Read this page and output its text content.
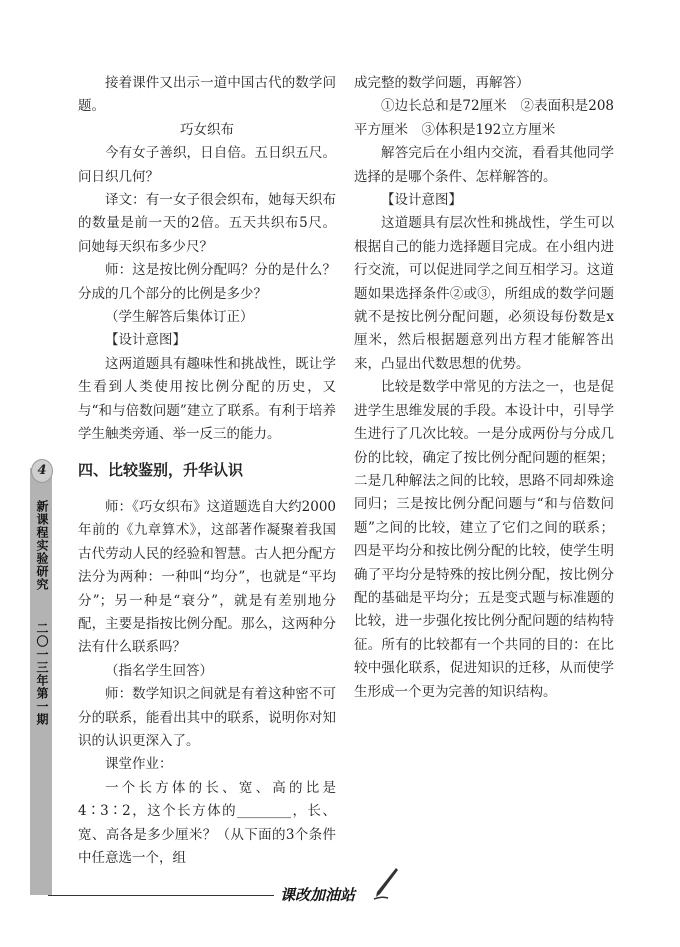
4
新课程实验研究
二〇一三年第一期

接着课件又出示一道中国古代的数学问题。

巧女织布

今有女子善织，日自倍。五日织五尺。问日织几何？

译文：有一女子很会织布，她每天织布的数量是前一天的2倍。五天共织布5尺。问她每天织布多少尺？

师：这是按比例分配吗？分的是什么？分成的几个部分的比例是多少？

（学生解答后集体订正）

【设计意图】

这两道题具有趣味性和挑战性，既让学生看到人类使用按比例分配的历史，又与“和与倍数问题”建立了联系。有利于培养学生触类旁通、举一反三的能力。

四、比较鉴别，升华认识

师：《巧女织布》这道题选自大约2000年前的《九章算术》，这部著作凝聚着我国古代劳动人民的经验和智慧。古人把分配方法分为两种：一种叫“均分”，也就是“平均分”；另一种是“衰分”，就是有差别地分配，主要是指按比例分配。那么，这两种分法有什么联系吗？

（指名学生回答）

师：数学知识之间就是有着这种密不可分的联系，能看出其中的联系，说明你对知识的认识更深入了。

课堂作业：

一个长方体的长、宽、高的比是4∶3∶2，这个长方体的________，长、宽、高各是多少厘米？（从下面的3个条件中任意选一个，组

成完整的数学问题，再解答）

①边长总和是72厘米　②表面积是208平方厘米　③体积是192立方厘米

解答完后在小组内交流，看看其他同学选择的是哪个条件、怎样解答的。

【设计意图】

这道题具有层次性和挑战性，学生可以根据自己的能力选择题目完成。在小组内进行交流，可以促进同学之间互相学习。这道题如果选择条件②或③，所组成的数学问题就不是按比例分配问题，必须设每份数是x厘米，然后根据题意列出方程才能解答出来，凸显出代数思想的优势。

比较是数学中常见的方法之一，也是促进学生思维发展的手段。本设计中，引导学生进行了几次比较。一是分成两份与分成几份的比较，确定了按比例分配问题的框架；二是几种解法之间的比较，思路不同却殊途同归；三是按比例分配问题与“和与倍数问题”之间的比较，建立了它们之间的联系；四是平均分和按比例分配的比较，使学生明确了平均分是特殊的按比例分配，按比例分配的基础是平均分；五是变式题与标准题的比较，进一步强化按比例分配问题的结构特征。所有的比较都有一个共同的目的：在比较中强化联系，促进知识的迁移，从而使学生形成一个更为完善的知识结构。

课改加油站
